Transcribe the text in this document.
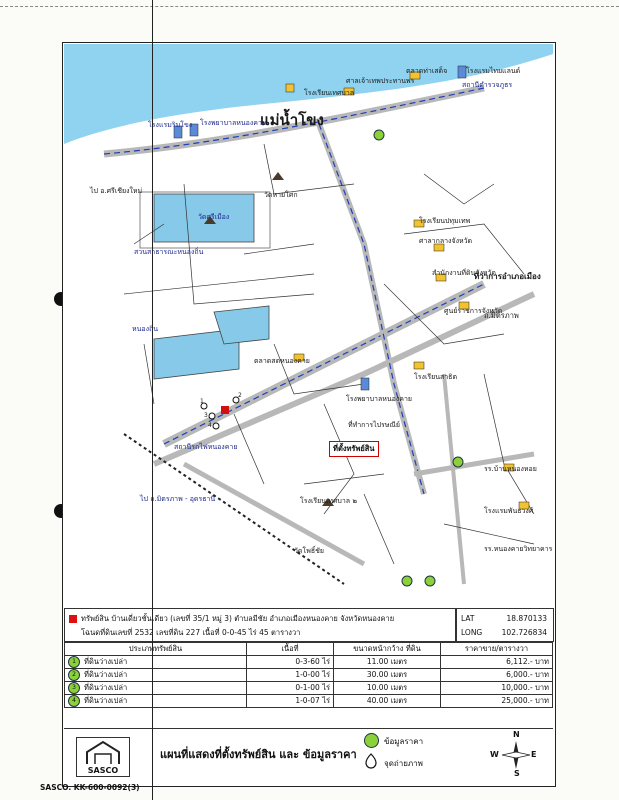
แม่น้ำโขง
ที่ตั้งทรัพย์สิน
ศาลเจ้าเทพประทานพร
โรงเรียนเทศบาล
ตลาดท่าเสด็จ	โรงแรมไทยแลนด์
สถานีตำรวจภูธร
โรงแรมริมโขง โรงพยาบาลหนองคาย
วัดหายโศก
ไป อ.ศรีเชียงใหม่
สวนสาธารณะหนองถิ่น
วัดศรีเมือง	โรงเรียนปทุมเทพ
ศาลากลางจังหวัด
สำนักงานที่ดินจังหวัด
ที่ว่าการอำเภอเมือง
ศูนย์ราชการจังหวัด
หนองถิ่น
ตลาดสดหนองคาย
โรงเรียนสาธิต
โรงพยาบาลหนองคาย
ที่ทำการไปรษณีย์
สถานีรถไฟหนองคาย
โรงเรียนเทศบาล ๒
ไป ถ.มิตรภาพ - อุดรธานี
รร.บ้านหนองหอย
โรงแรมพันธวงศ์
รร.หนองคายวิทยาคาร
วัดโพธิ์ชัย
ถ.มิตรภาพ
1
2
3
4
ทรัพย์สิน บ้านเดี่ยวชั้นเดียว (เลขที่ 35/1 หมู่ 3) ตำบลมีชัย อำเภอเมืองหนองคาย จังหวัดหนองคาย
โฉนดที่ดินเลขที่ 2532 เลขที่ดิน 227 เนื้อที่ 0-0-45 ไร่ 45 ตารางวา
LAT	18.870133
LONG	102.726834
ประเภททรัพย์สิน	เนื้อที่	ขนาดหน้ากว้าง ที่ดิน	ราคาขาย/ตารางวา
1 ที่ดินว่างเปล่า	0-3-60 ไร่	11.00 เมตร	6,112.- บาท
2 ที่ดินว่างเปล่า	1-0-00 ไร่	30.00 เมตร	6,000.- บาท
3 ที่ดินว่างเปล่า	0-1-00 ไร่	10.00 เมตร	10,000.- บาท
4 ที่ดินว่างเปล่า	1-0-07 ไร่	40.00 เมตร	25,000.- บาท
SASCO
แผนที่แสดงที่ตั้งทรัพย์สิน และ ข้อมูลราคา
ข้อมูลราคา
จุดถ่ายภาพ
N
S
E
W
SASCO. KK-600-0092(3)
